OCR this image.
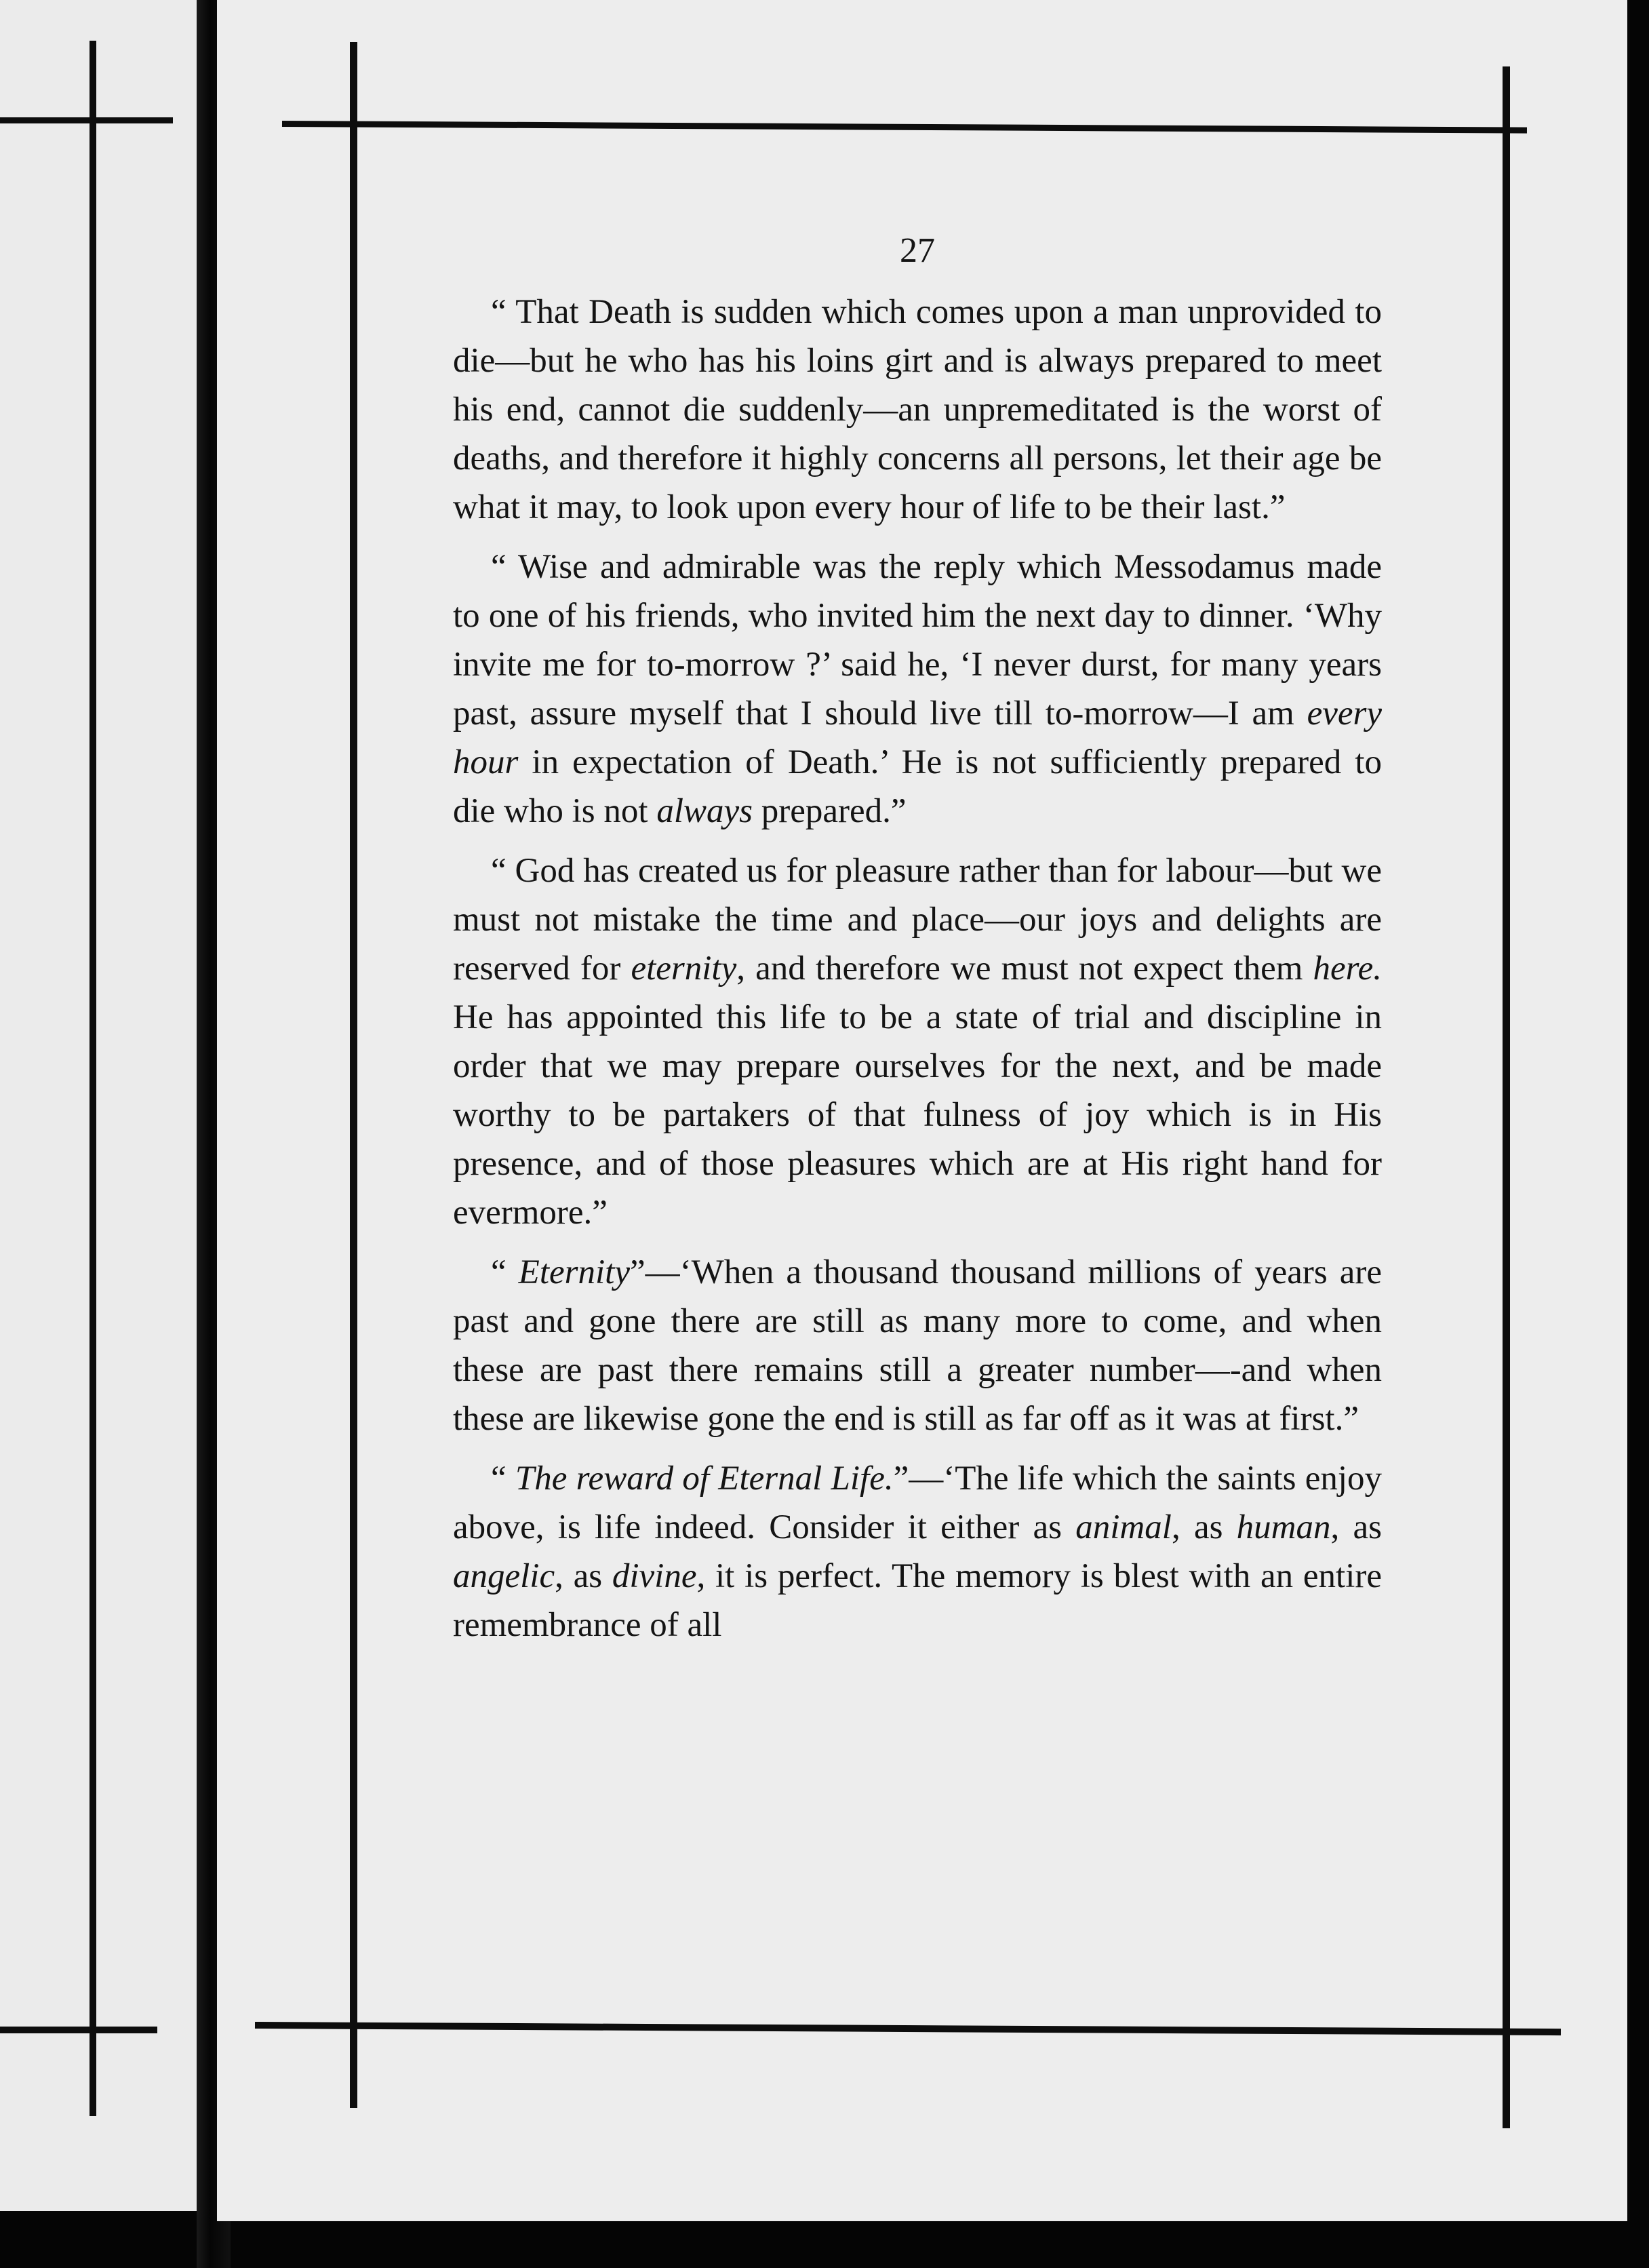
27

“ That Death is sudden which comes upon a man unprovided to die—but he who has his loins girt and is always prepared to meet his end, cannot die suddenly—an unpremeditated is the worst of deaths, and therefore it highly concerns all persons, let their age be what it may, to look upon every hour of life to be their last.”

“ Wise and admirable was the reply which Messodamus made to one of his friends, who invited him the next day to dinner. ‘Why invite me for to-morrow ?’ said he, ‘I never durst, for many years past, assure myself that I should live till to-morrow—I am every hour in expectation of Death.’ He is not sufficiently prepared to die who is not always prepared.”

“ God has created us for pleasure rather than for labour—but we must not mistake the time and place—our joys and delights are reserved for eternity, and therefore we must not expect them here. He has appointed this life to be a state of trial and discipline in order that we may prepare ourselves for the next, and be made worthy to be partakers of that fulness of joy which is in His presence, and of those pleasures which are at His right hand for evermore.”

“ Eternity”—‘When a thousand thousand millions of years are past and gone there are still as many more to come, and when these are past there remains still a greater number—-and when these are likewise gone the end is still as far off as it was at first.”

“ The reward of Eternal Life.”—‘The life which the saints enjoy above, is life indeed. Consider it either as animal, as human, as angelic, as divine, it is perfect. The memory is blest with an entire remembrance of all
